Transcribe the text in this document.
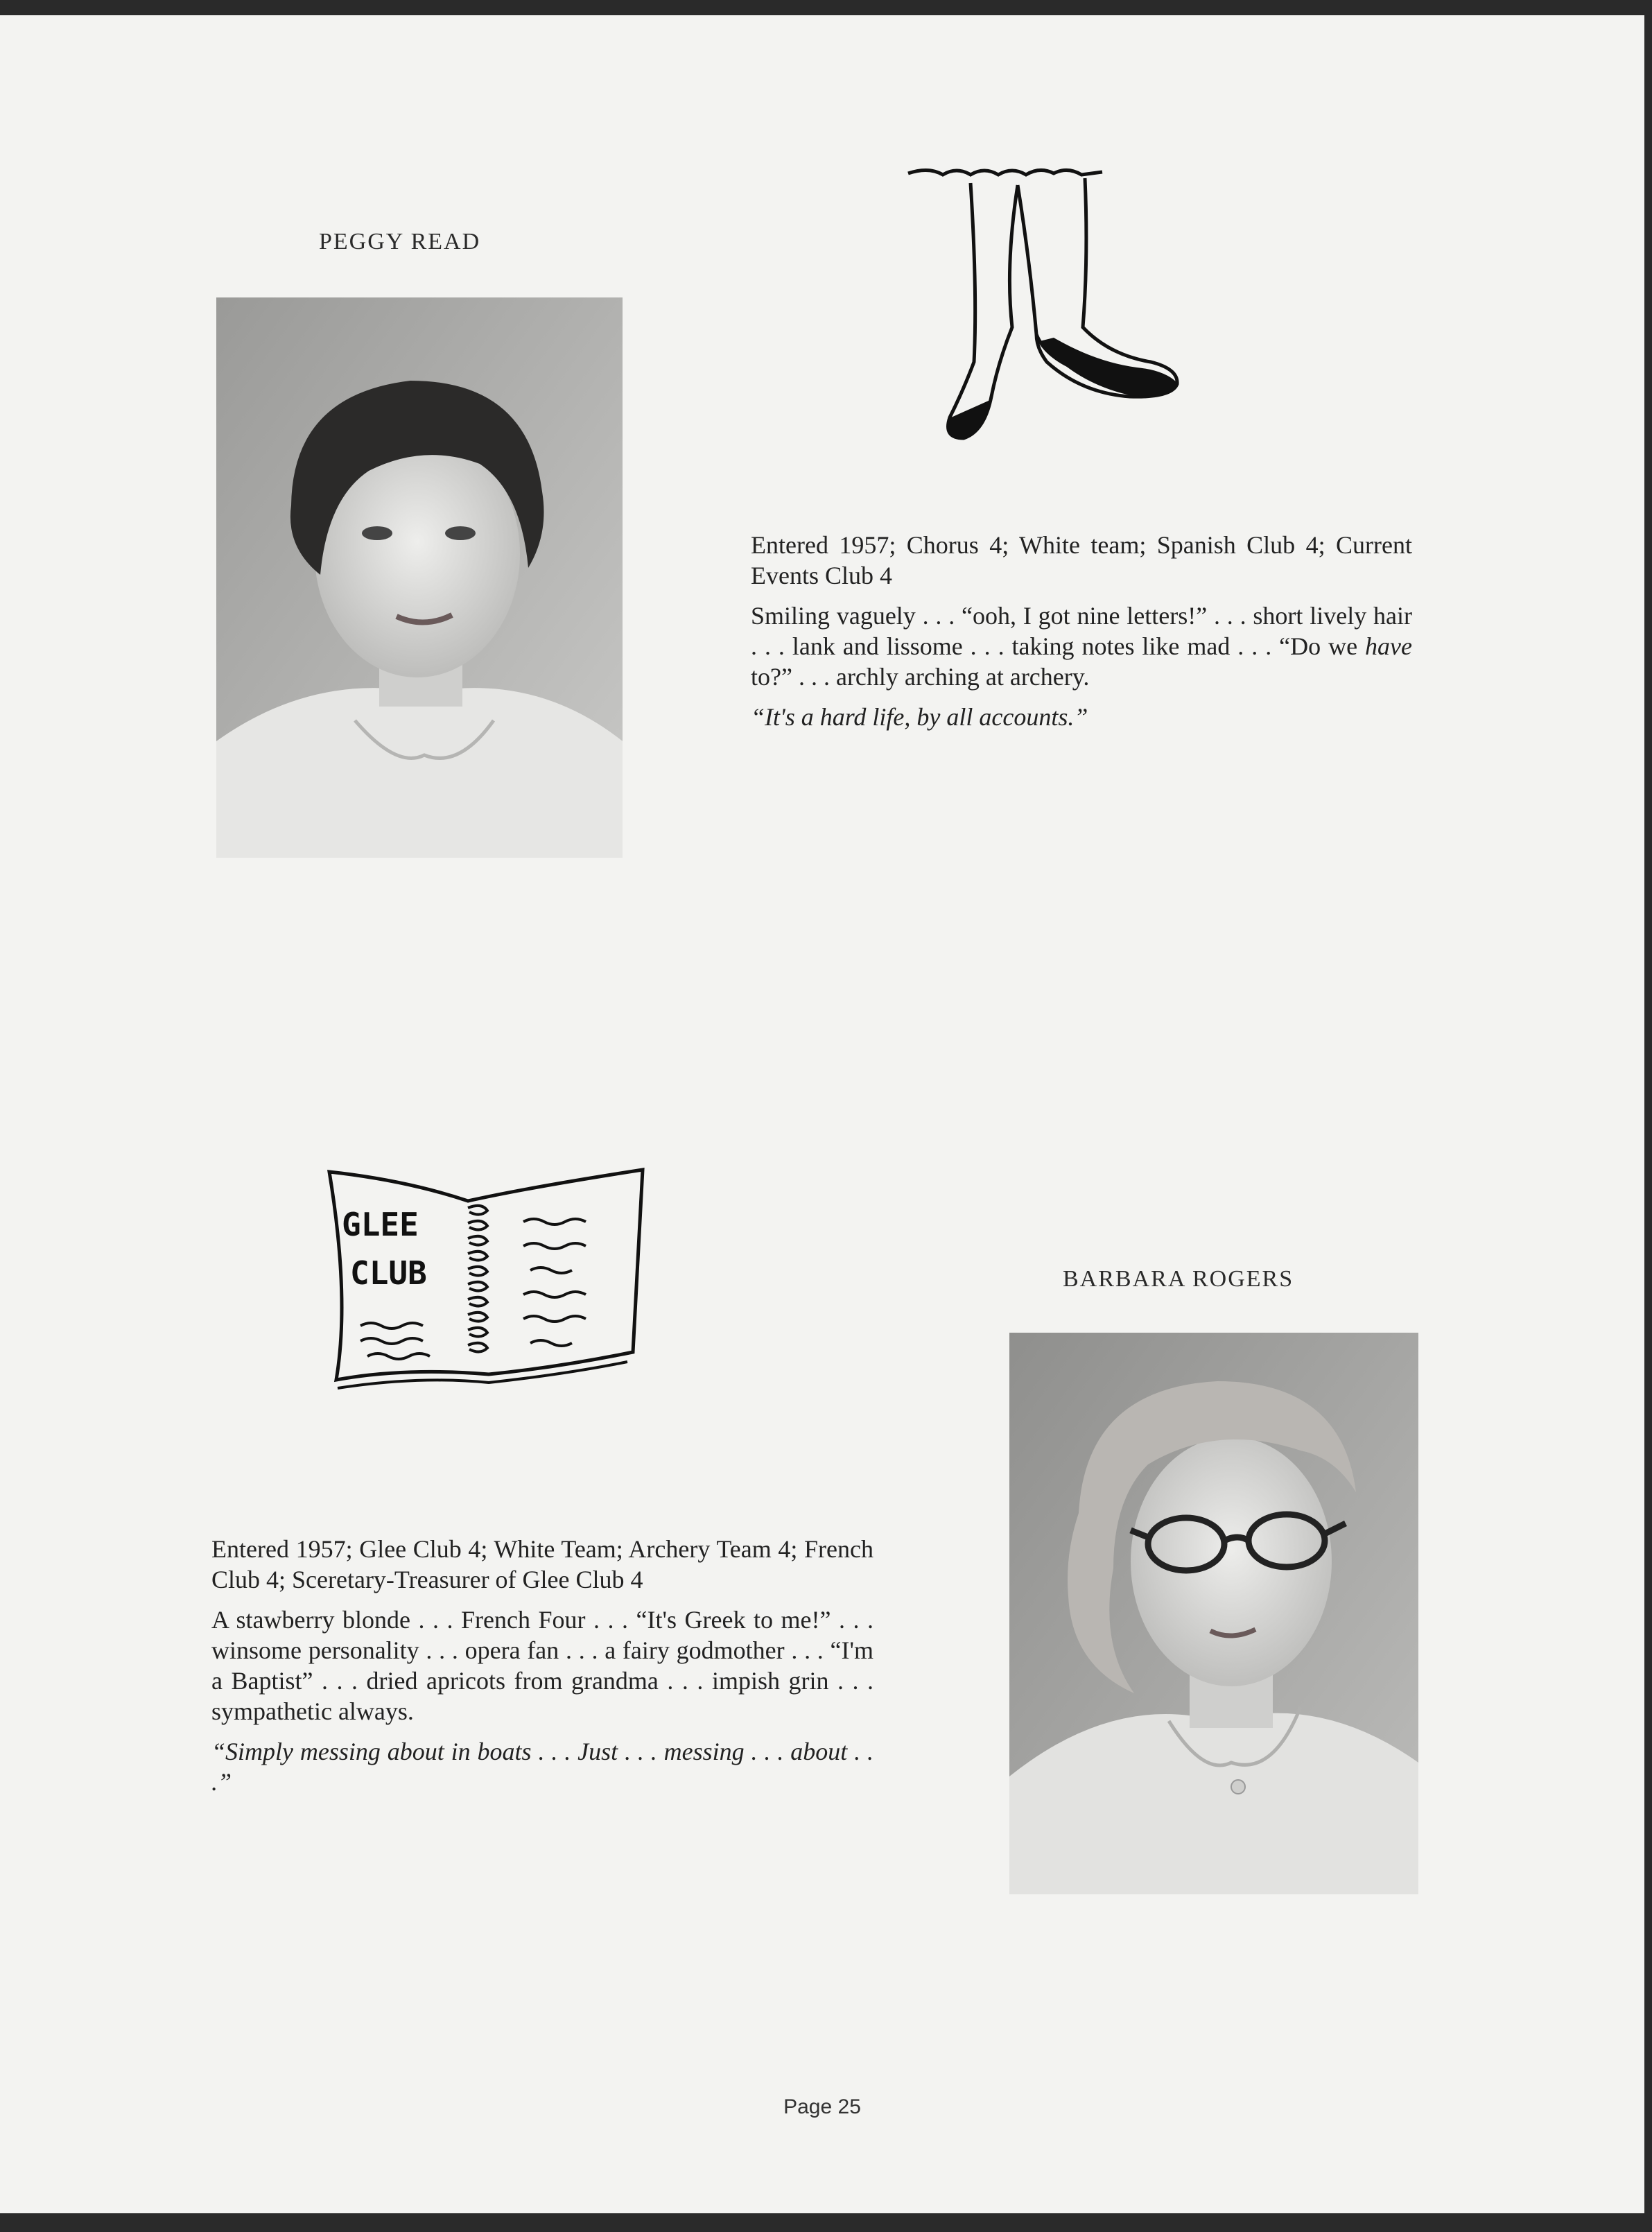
PEGGY READ

Entered 1957; Chorus 4; White team; Spanish Club 4; Current Events Club 4

Smiling vaguely . . . “ooh, I got nine letters!” . . . short lively hair . . . lank and lissome . . . taking notes like mad . . . “Do we have to?” . . . archly arching at archery.

“It's a hard life, by all accounts.”

GLEE
CLUB	BARBARA ROGERS

Entered 1957; Glee Club 4; White Team; Archery Team 4; French Club 4; Sceretary-Treasurer of Glee Club 4

A stawberry blonde . . . French Four . . . “It's Greek to me!” . . . winsome personality . . . opera fan . . . a fairy godmother . . . “I'm a Baptist” . . . dried apricots from grandma . . . impish grin . . . sympathetic always.

“Simply messing about in boats . . . Just . . . messing . . . about . . .”

Page 25
